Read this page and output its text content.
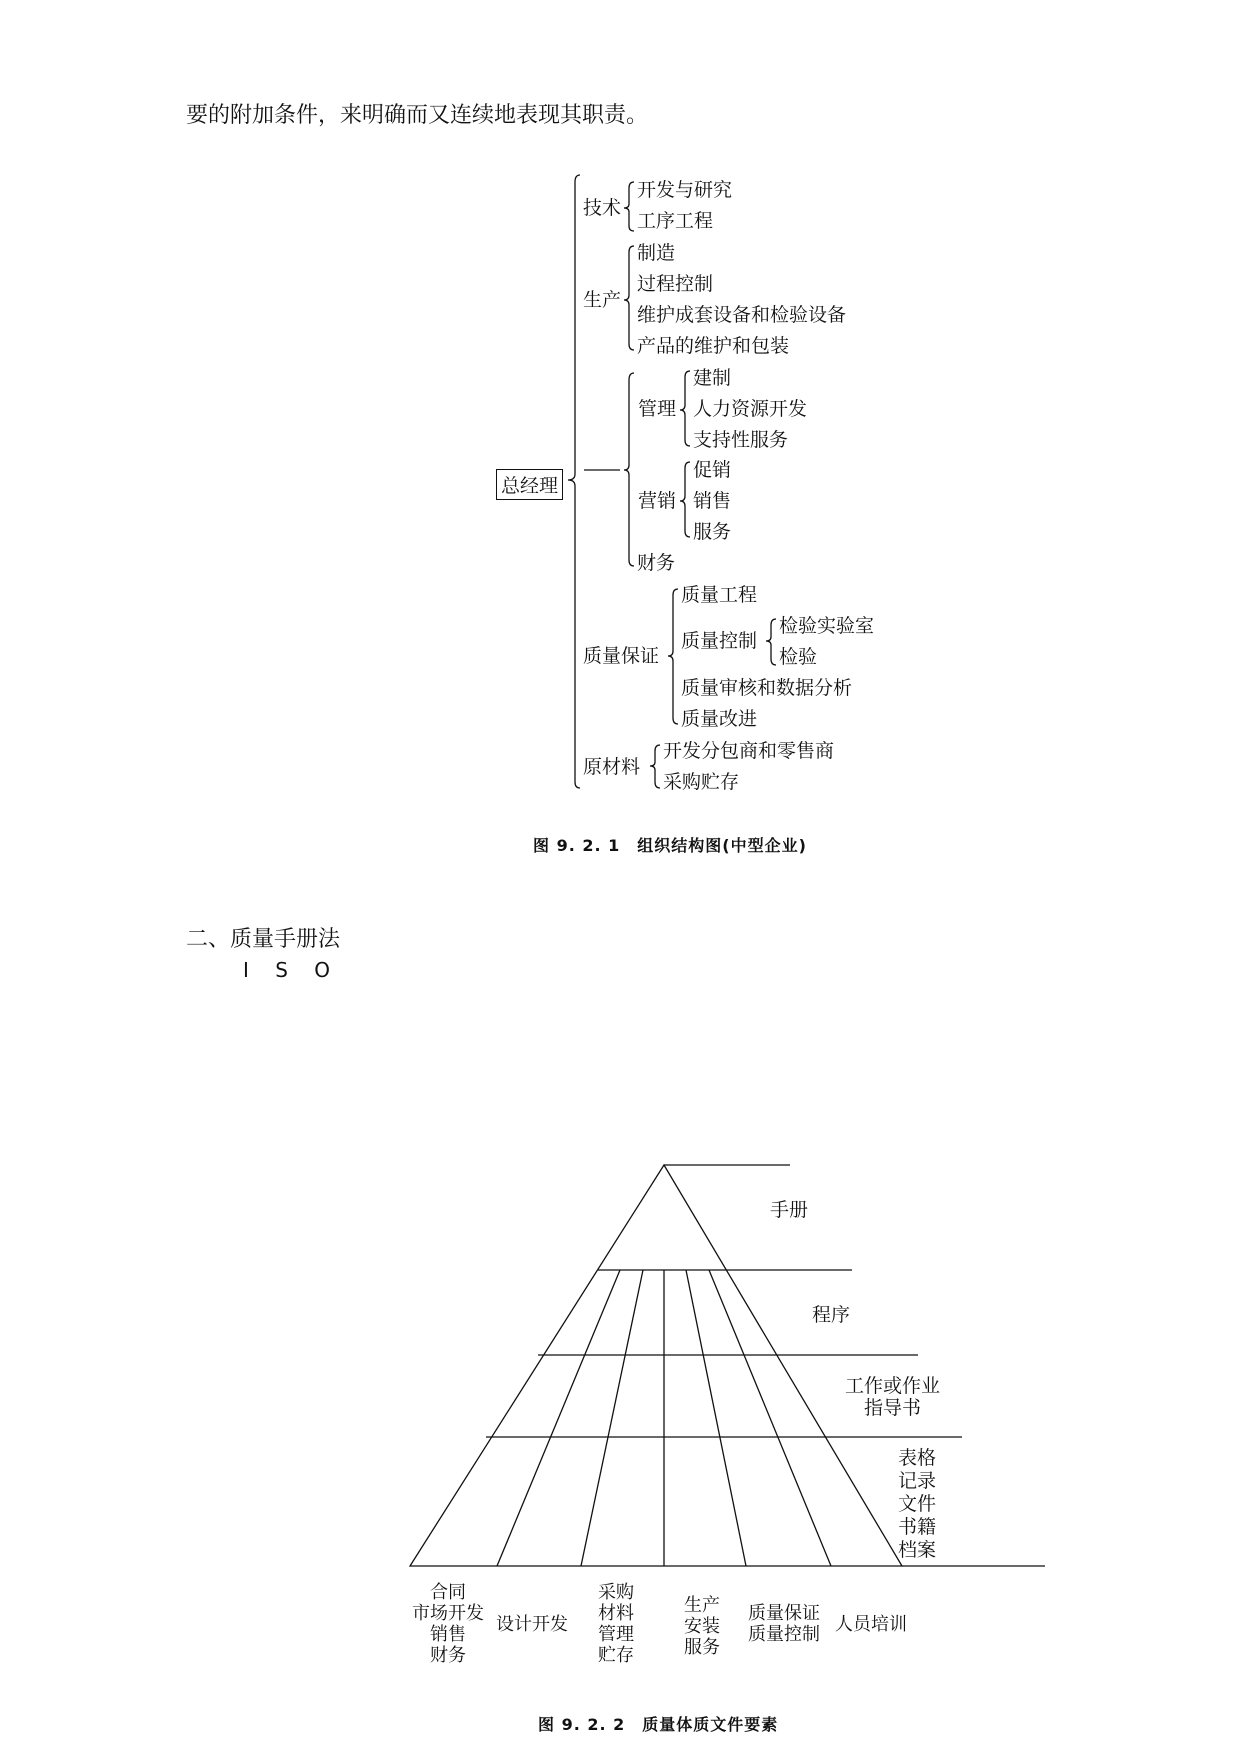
要的附加条件，来明确而又连续地表现其职责。
总经理
技术
开发与研究
工序工程
生产
制造
过程控制
维护成套设备和检验设备
产品的维护和包装
管理
建制
人力资源开发
支持性服务
营销
促销
销售
服务
财务
质量保证
质量工程
质量控制
检验实验室
检验
质量审核和数据分析
质量改进
原材料
开发分包商和零售商
采购贮存
图 9. 2. 1　组织结构图(中型企业)
二、质量手册法
I S O
手册
程序
工作或作业
指导书
表格
记录
文件
书籍
档案
合同
市场开发
销售
财务
设计开发
采购
材料
管理
贮存
生产
安装
服务
质量保证
质量控制 人员培训
图 9. 2. 2　质量体质文件要素
